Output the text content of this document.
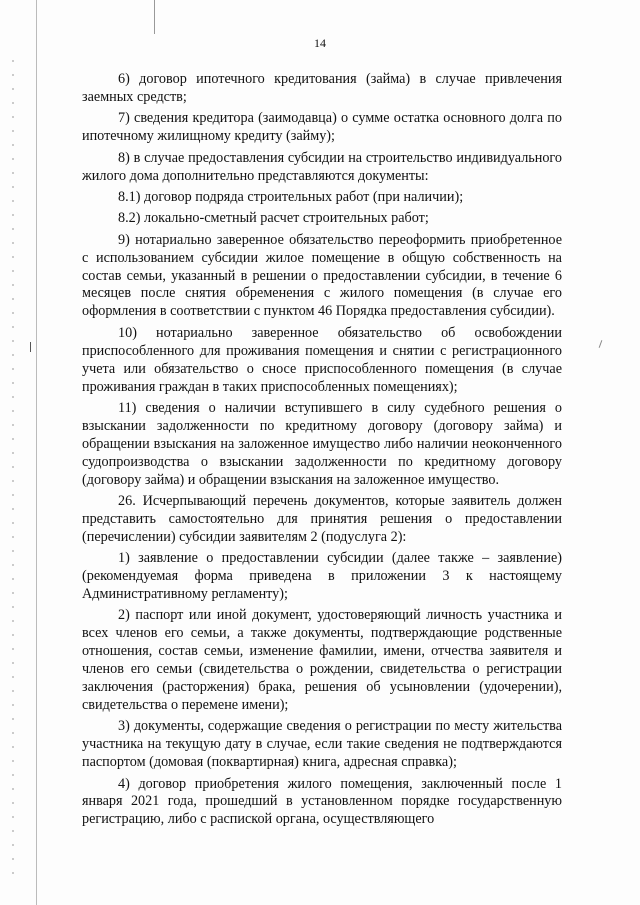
14

6) договор ипотечного кредитования (займа) в случае привлечения заемных средств;

7) сведения кредитора (заимодавца) о сумме остатка основного долга по ипотечному жилищному кредиту (займу);

8) в случае предоставления субсидии на строительство индивидуального жилого дома дополнительно представляются документы:

8.1) договор подряда строительных работ (при наличии);

8.2) локально-сметный расчет строительных работ;

9) нотариально заверенное обязательство переоформить приобретенное с использованием субсидии жилое помещение в общую собственность на состав семьи, указанный в решении о предоставлении субсидии, в течение 6 месяцев после снятия обременения с жилого помещения (в случае его оформления в соответствии с пунктом 46 Порядка предоставления субсидии).

10) нотариально заверенное обязательство об освобождении приспособленного для проживания помещения и снятии с регистрационного учета или обязательство о сносе приспособленного помещения (в случае проживания граждан в таких приспособленных помещениях);

11) сведения о наличии вступившего в силу судебного решения о взыскании задолженности по кредитному договору (договору займа) и обращении взыскания на заложенное имущество либо наличии неоконченного судопроизводства о взыскании задолженности по кредитному договору (договору займа) и обращении взыскания на заложенное имущество.

26. Исчерпывающий перечень документов, которые заявитель должен представить самостоятельно для принятия решения о предоставлении (перечислении) субсидии заявителям 2 (подуслуга 2):

1) заявление о предоставлении субсидии (далее также – заявление) (рекомендуемая форма приведена в приложении 3 к настоящему Административному регламенту);

2) паспорт или иной документ, удостоверяющий личность участника и всех членов его семьи, а также документы, подтверждающие родственные отношения, состав семьи, изменение фамилии, имени, отчества заявителя и членов его семьи (свидетельства о рождении, свидетельства о регистрации заключения (расторжения) брака, решения об усыновлении (удочерении), свидетельства о перемене имени);

3) документы, содержащие сведения о регистрации по месту жительства участника на текущую дату в случае, если такие сведения не подтверждаются паспортом (домовая (поквартирная) книга, адресная справка);

4) договор приобретения жилого помещения, заключенный после 1 января 2021 года, прошедший в установленном порядке государственную регистрацию, либо с распиской органа, осуществляющего
